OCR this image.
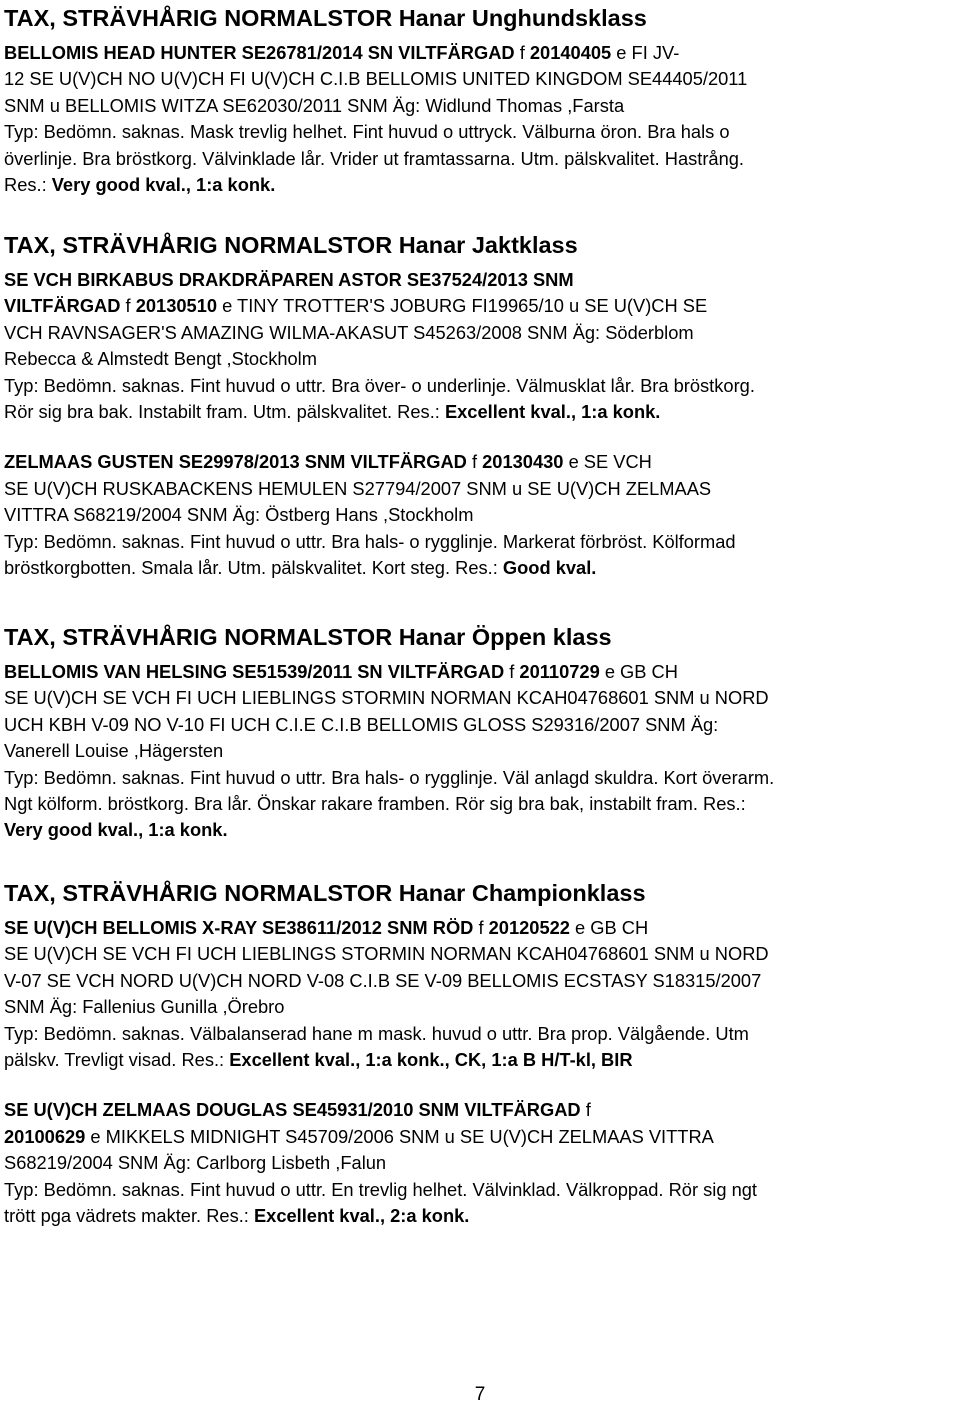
TAX, STRÄVHÅRIG NORMALSTOR Hanar Unghundsklass
BELLOMIS HEAD HUNTER SE26781/2014 SN VILTFÄRGAD f 20140405 e FI JV-
12 SE U(V)CH NO U(V)CH FI U(V)CH C.I.B BELLOMIS UNITED KINGDOM SE44405/2011
SNM u BELLOMIS WITZA SE62030/2011 SNM Äg: Widlund Thomas ,Farsta
Typ: Bedömn. saknas. Mask trevlig helhet. Fint huvud o uttryck. Välburna öron. Bra hals o
överlinje. Bra bröstkorg. Välvinklade lår. Vrider ut framtassarna. Utm. pälskvalitet. Hastrång.
Res.: Very good kval., 1:a konk.
TAX, STRÄVHÅRIG NORMALSTOR Hanar Jaktklass
SE VCH BIRKABUS DRAKDRÄPAREN ASTOR SE37524/2013 SNM
VILTFÄRGAD f 20130510 e TINY TROTTER'S JOBURG FI19965/10 u SE U(V)CH SE
VCH RAVNSAGER'S AMAZING WILMA-AKASUT S45263/2008 SNM Äg: Söderblom
Rebecca & Almstedt Bengt ,Stockholm
Typ: Bedömn. saknas. Fint huvud o uttr. Bra över- o underlinje. Välmusklat lår. Bra bröstkorg.
Rör sig bra bak. Instabilt fram. Utm. pälskvalitet. Res.: Excellent kval., 1:a konk.
ZELMAAS GUSTEN SE29978/2013 SNM VILTFÄRGAD f 20130430 e SE VCH
SE U(V)CH RUSKABACKENS HEMULEN S27794/2007 SNM u SE U(V)CH ZELMAAS
VITTRA S68219/2004 SNM Äg: Östberg Hans ,Stockholm
Typ: Bedömn. saknas. Fint huvud o uttr. Bra hals- o rygglinje. Markerat förbröst. Kölformad
bröstkorgbotten. Smala lår. Utm. pälskvalitet. Kort steg. Res.: Good kval.
TAX, STRÄVHÅRIG NORMALSTOR Hanar Öppen klass
BELLOMIS VAN HELSING SE51539/2011 SN VILTFÄRGAD f 20110729 e GB CH
SE U(V)CH SE VCH FI UCH LIEBLINGS STORMIN NORMAN KCAH04768601 SNM u NORD
UCH KBH V-09 NO V-10 FI UCH C.I.E C.I.B BELLOMIS GLOSS S29316/2007 SNM Äg:
Vanerell Louise ,Hägersten
Typ: Bedömn. saknas. Fint huvud o uttr. Bra hals- o rygglinje. Väl anlagd skuldra. Kort överarm.
Ngt kölform. bröstkorg. Bra lår. Önskar rakare framben. Rör sig bra bak, instabilt fram. Res.:
Very good kval., 1:a konk.
TAX, STRÄVHÅRIG NORMALSTOR Hanar Championklass
SE U(V)CH BELLOMIS X-RAY SE38611/2012 SNM RÖD f 20120522 e GB CH
SE U(V)CH SE VCH FI UCH LIEBLINGS STORMIN NORMAN KCAH04768601 SNM u NORD
V-07 SE VCH NORD U(V)CH NORD V-08 C.I.B SE V-09 BELLOMIS ECSTASY S18315/2007
SNM Äg: Fallenius Gunilla ,Örebro
Typ: Bedömn. saknas. Välbalanserad hane m mask. huvud o uttr. Bra prop. Välgående. Utm
pälskv. Trevligt visad. Res.: Excellent kval., 1:a konk., CK, 1:a B H/T-kl, BIR
SE U(V)CH ZELMAAS DOUGLAS SE45931/2010 SNM VILTFÄRGAD f
20100629 e MIKKELS MIDNIGHT S45709/2006 SNM u SE U(V)CH ZELMAAS VITTRA
S68219/2004 SNM Äg: Carlborg Lisbeth ,Falun
Typ: Bedömn. saknas. Fint huvud o uttr. En trevlig helhet. Välvinklad. Välkroppad. Rör sig ngt
trött pga vädrets makter. Res.: Excellent kval., 2:a konk.
7
